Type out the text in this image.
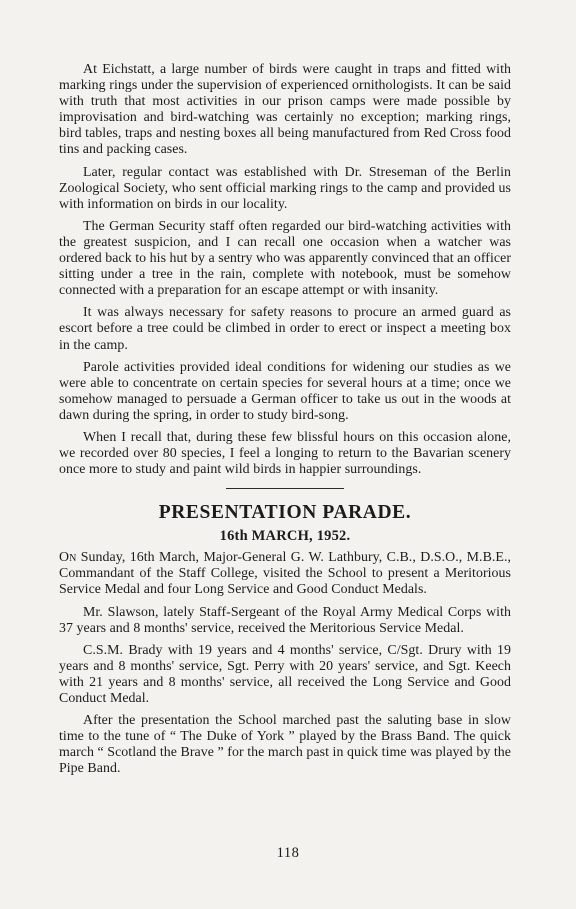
At Eichstatt, a large number of birds were caught in traps and fitted with marking rings under the supervision of experienced ornithologists. It can be said with truth that most activities in our prison camps were made possible by improvisation and bird-watching was certainly no exception; marking rings, bird tables, traps and nesting boxes all being manufactured from Red Cross food tins and packing cases.

Later, regular contact was established with Dr. Streseman of the Berlin Zoological Society, who sent official marking rings to the camp and provided us with information on birds in our locality.

The German Security staff often regarded our bird-watching activities with the greatest suspicion, and I can recall one occasion when a watcher was ordered back to his hut by a sentry who was apparently convinced that an officer sitting under a tree in the rain, complete with notebook, must be somehow connected with a preparation for an escape attempt or with insanity.

It was always necessary for safety reasons to procure an armed guard as escort before a tree could be climbed in order to erect or inspect a meeting box in the camp.

Parole activities provided ideal conditions for widening our studies as we were able to concentrate on certain species for several hours at a time; once we somehow managed to persuade a German officer to take us out in the woods at dawn during the spring, in order to study bird-song.

When I recall that, during these few blissful hours on this occasion alone, we recorded over 80 species, I feel a longing to return to the Bavarian scenery once more to study and paint wild birds in happier surroundings.

PRESENTATION PARADE.
16th MARCH, 1952.

On Sunday, 16th March, Major-General G. W. Lathbury, C.B., D.S.O., M.B.E., Commandant of the Staff College, visited the School to present a Meritorious Service Medal and four Long Service and Good Conduct Medals.

Mr. Slawson, lately Staff-Sergeant of the Royal Army Medical Corps with 37 years and 8 months' service, received the Meritorious Service Medal.

C.S.M. Brady with 19 years and 4 months' service, C/Sgt. Drury with 19 years and 8 months' service, Sgt. Perry with 20 years' service, and Sgt. Keech with 21 years and 8 months' service, all received the Long Service and Good Conduct Medal.

After the presentation the School marched past the saluting base in slow time to the tune of “ The Duke of York ” played by the Brass Band. The quick march “ Scotland the Brave ” for the march past in quick time was played by the Pipe Band.

118
